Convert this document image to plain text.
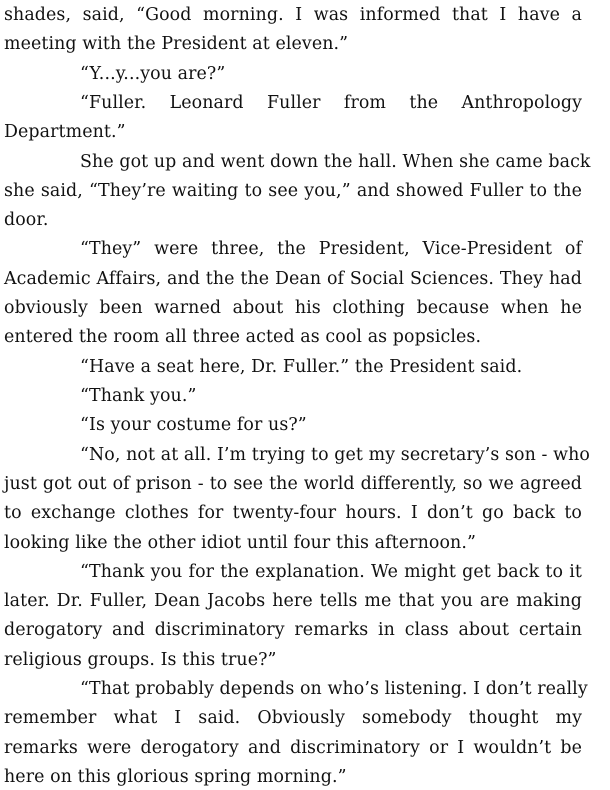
shades, said, “Good morning. I was informed that I have a
meeting with the President at eleven.”
“Y...y...you are?”
“Fuller. Leonard Fuller from the Anthropology
Department.”
She got up and went down the hall. When she came back
she said, “They’re waiting to see you,” and showed Fuller to the
door.
“They” were three, the President, Vice-President of
Academic Affairs, and the the Dean of Social Sciences. They had
obviously been warned about his clothing because when he
entered the room all three acted as cool as popsicles.
“Have a seat here, Dr. Fuller.” the President said.
“Thank you.”
“Is your costume for us?”
“No, not at all. I’m trying to get my secretary’s son - who
just got out of prison - to see the world differently, so we agreed
to exchange clothes for twenty-four hours. I don’t go back to
looking like the other idiot until four this afternoon.”
“Thank you for the explanation. We might get back to it
later. Dr. Fuller, Dean Jacobs here tells me that you are making
derogatory and discriminatory remarks in class about certain
religious groups. Is this true?”
“That probably depends on who’s listening. I don’t really
remember what I said. Obviously somebody thought my
remarks were derogatory and discriminatory or I wouldn’t be
here on this glorious spring morning.”
